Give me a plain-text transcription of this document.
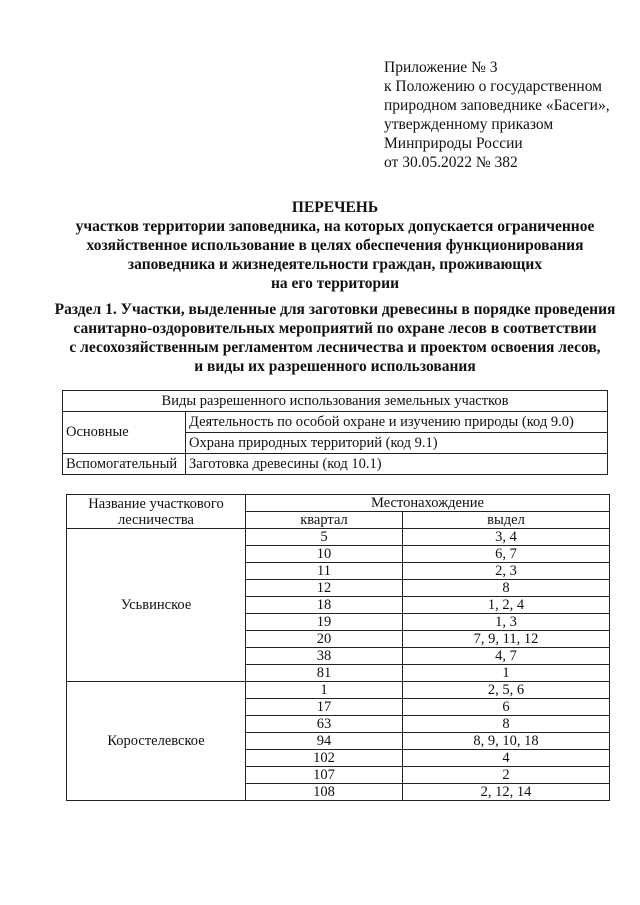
Приложение № 3
к Положению о государственном
природном заповеднике «Басеги»,
утвержденному приказом
Минприроды России
от 30.05.2022 № 382
ПЕРЕЧЕНЬ
участков территории заповедника, на которых допускается ограниченное
хозяйственное использование в целях обеспечения функционирования
заповедника и жизнедеятельности граждан, проживающих
на его территории
Раздел 1. Участки, выделенные для заготовки древесины в порядке проведения
санитарно-оздоровительных мероприятий по охране лесов в соответствии
с лесохозяйственным регламентом лесничества и проектом освоения лесов,
и виды их разрешенного использования
Виды разрешенного использования земельных участков	
Основные	Деятельность по особой охране и изучению природы (код 9.0)
	Охрана природных территорий (код 9.1)
Вспомогательный	Заготовка древесины (код 10.1)
Название участкового лесничества	Местонахождение	
	квартал	выдел
Усьвинское	5	3, 4
	10	6, 7
	11	2, 3
	12	8
	18	1, 2, 4
	19	1, 3
	20	7, 9, 11, 12
	38	4, 7
	81	1
Коростелевское	1	2, 5, 6
	17	6
	63	8
	94	8, 9, 10, 18
	102	4
	107	2
	108	2, 12, 14
